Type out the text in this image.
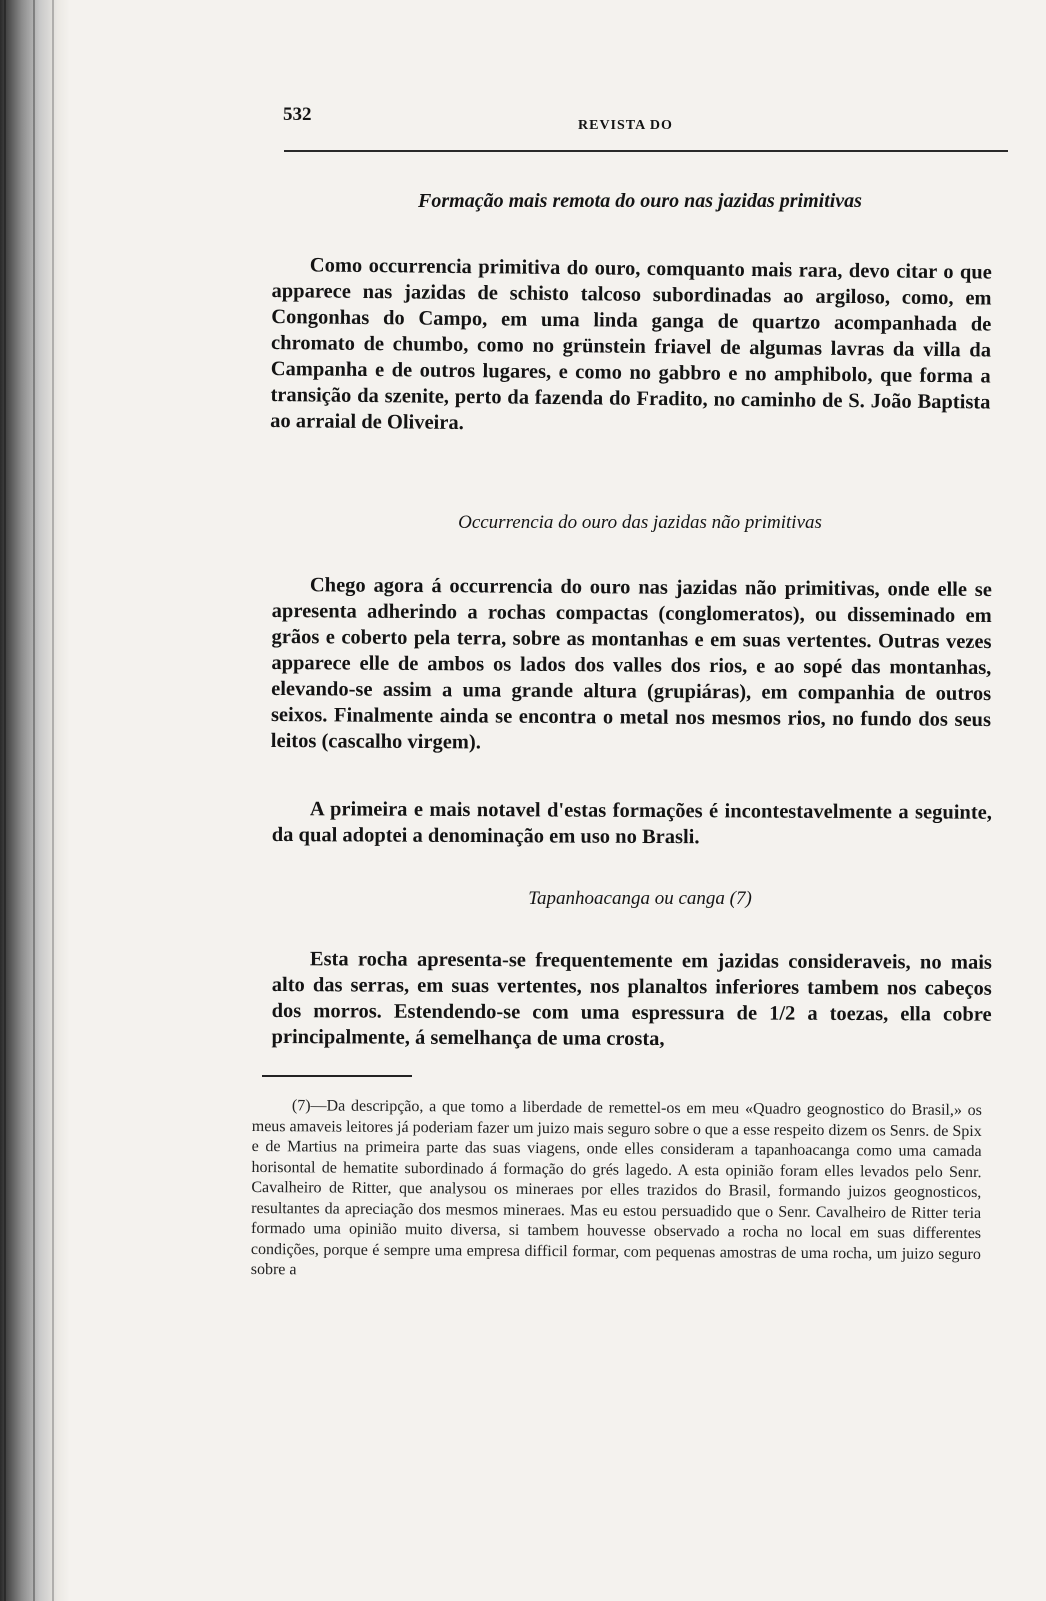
532
REVISTA DO
Formação mais remota do ouro nas jazidas primitivas

Como occurrencia primitiva do ouro, comquanto mais rara, devo citar o que apparece nas jazidas de schisto talcoso subordinadas ao argiloso, como, em Congonhas do Campo, em uma linda ganga de quartzo acompanhada de chromato de chumbo, como no grünstein friavel de algumas lavras da villa da Campanha e de outros lugares, e como no gabbro e no amphibolo, que forma a transição da szenite, perto da fazenda do Fradito, no caminho de S. João Baptista ao arraial de Oliveira.

Occurrencia do ouro das jazidas não primitivas

Chego agora á occurrencia do ouro nas jazidas não primitivas, onde elle se apresenta adherindo a rochas compactas (conglomeratos), ou disseminado em grãos e coberto pela terra, sobre as montanhas e em suas vertentes. Outras vezes apparece elle de ambos os lados dos valles dos rios, e ao sopé das montanhas, elevando-se assim a uma grande altura (grupiáras), em companhia de outros seixos. Finalmente ainda se encontra o metal nos mesmos rios, no fundo dos seus leitos (cascalho virgem).

A primeira e mais notavel d'estas formações é incontestavelmente a seguinte, da qual adoptei a denominação em uso no Brasli.

Tapanhoacanga ou canga (7)

Esta rocha apresenta-se frequentemente em jazidas consideraveis, no mais alto das serras, em suas vertentes, nos planaltos inferiores tambem nos cabeços dos morros. Estendendo-se com uma espressura de 1/2 a toezas, ella cobre principalmente, á semelhança de uma crosta,

(7)—Da descripção, a que tomo a liberdade de remettel-os em meu «Quadro geognostico do Brasil,» os meus amaveis leitores já poderiam fazer um juizo mais seguro sobre o que a esse respeito dizem os Senrs. de Spix e de Martius na primeira parte das suas viagens, onde elles consideram a tapanhoacanga como uma camada horisontal de hematite subordinado á formação do grés lagedo. A esta opinião foram elles levados pelo Senr. Cavalheiro de Ritter, que analysou os mineraes por elles trazidos do Brasil, formando juizos geognosticos, resultantes da apreciação dos mesmos mineraes. Mas eu estou persuadido que o Senr. Cavalheiro de Ritter teria formado uma opinião muito diversa, si tambem houvesse observado a rocha no local em suas differentes condições, porque é sempre uma empresa difficil formar, com pequenas amostras de uma rocha, um juizo seguro sobre a
